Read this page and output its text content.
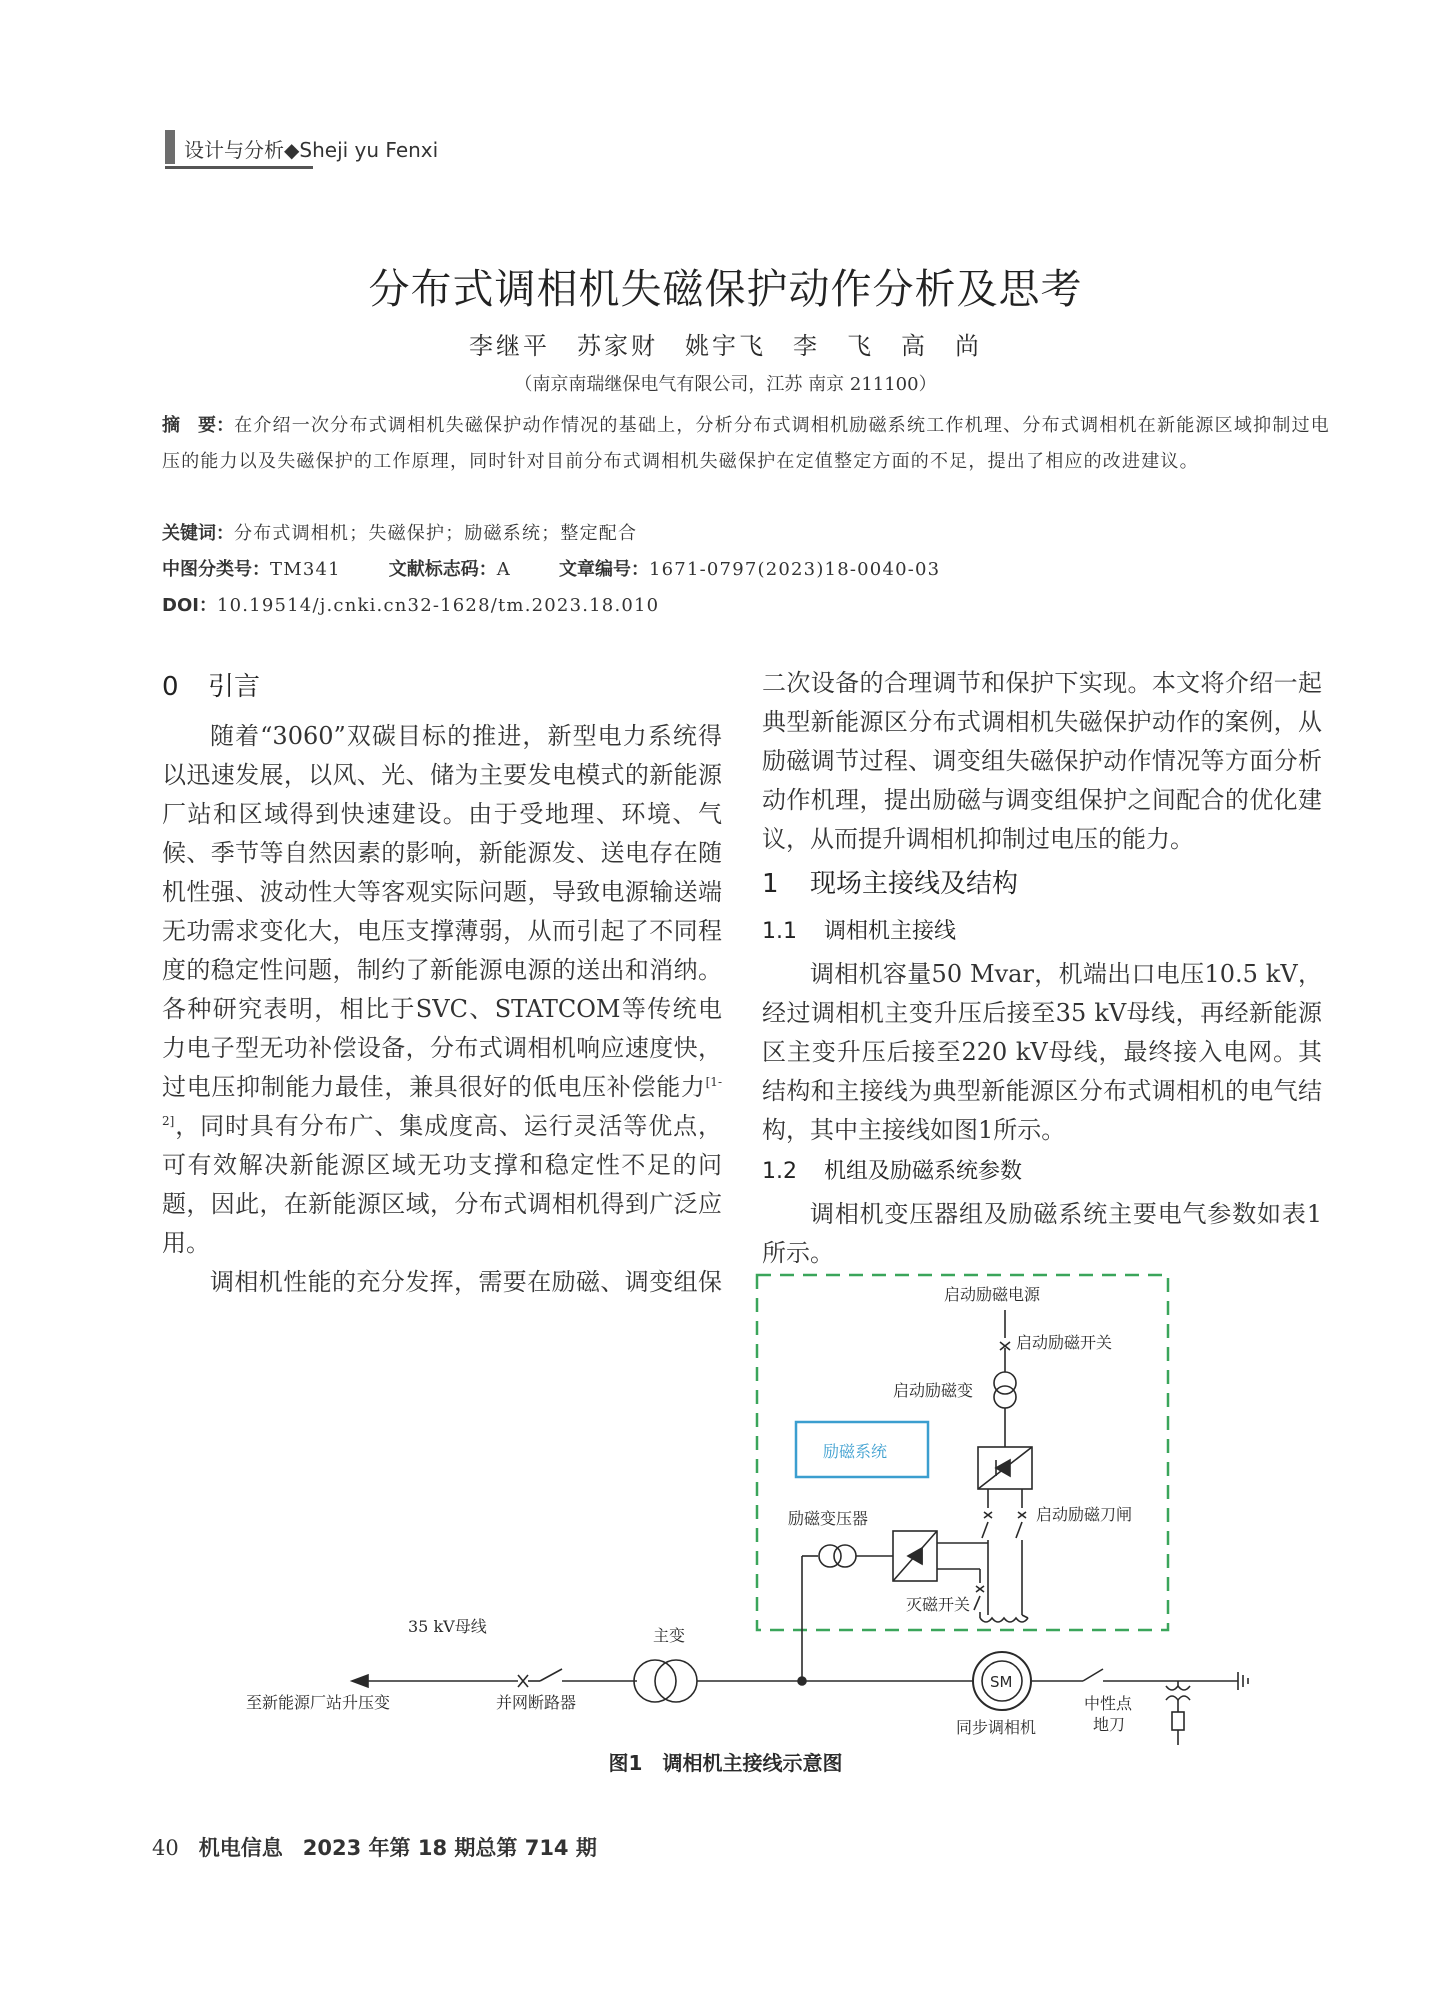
设计与分析◆Sheji yu Fenxi
分布式调相机失磁保护动作分析及思考
李继平　苏家财　姚宇飞　李　飞　高　尚
（南京南瑞继保电气有限公司，江苏 南京 211100）
摘　要：在介绍一次分布式调相机失磁保护动作情况的基础上，分析分布式调相机励磁系统工作机理、分布式调相机在新能源区域抑制过电压的能力以及失磁保护的工作原理，同时针对目前分布式调相机失磁保护在定值整定方面的不足，提出了相应的改进建议。
关键词：分布式调相机；失磁保护；励磁系统；整定配合
中图分类号：TM341	文献标志码：A	文章编号：1671-0797(2023)18-0040-03
DOI：10.19514/j.cnki.cn32-1628/tm.2023.18.010
0 引言

随着“3060”双碳目标的推进，新型电力系统得以迅速发展，以风、光、储为主要发电模式的新能源厂站和区域得到快速建设。由于受地理、环境、气候、季节等自然因素的影响，新能源发、送电存在随机性强、波动性大等客观实际问题，导致电源输送端无功需求变化大，电压支撑薄弱，从而引起了不同程度的稳定性问题，制约了新能源电源的送出和消纳。各种研究表明，相比于SVC、STATCOM等传统电力电子型无功补偿设备，分布式调相机响应速度快，过电压抑制能力最佳，兼具很好的低电压补偿能力[1-2]，同时具有分布广、集成度高、运行灵活等优点，可有效解决新能源区域无功支撑和稳定性不足的问题，因此，在新能源区域，分布式调相机得到广泛应用。

调相机性能的充分发挥，需要在励磁、调变组保

二次设备的合理调节和保护下实现。本文将介绍一起典型新能源区分布式调相机失磁保护动作的案例，从励磁调节过程、调变组失磁保护动作情况等方面分析动作机理，提出励磁与调变组保护之间配合的优化建议，从而提升调相机抑制过电压的能力。

1 现场主接线及结构
1.1 调相机主接线

调相机容量50 Mvar，机端出口电压10.5 kV，经过调相机主变升压后接至35 kV母线，再经新能源区主变升压后接至220 kV母线，最终接入电网。其结构和主接线为典型新能源区分布式调相机的电气结构，其中主接线如图1所示。

1.2 机组及励磁系统参数

调相机变压器组及励磁系统主要电气参数如表1所示。

启动励磁电源
启动励磁开关
启动励磁变
励磁系统
励磁变压器	启动励磁刀闸
灭磁开关
35 kV母线	主变
至新能源厂站升压变	并网断路器
SM
同步调相机
中性点
地刀
图1　调相机主接线示意图
40 机电信息 2023 年第 18 期总第 714 期
